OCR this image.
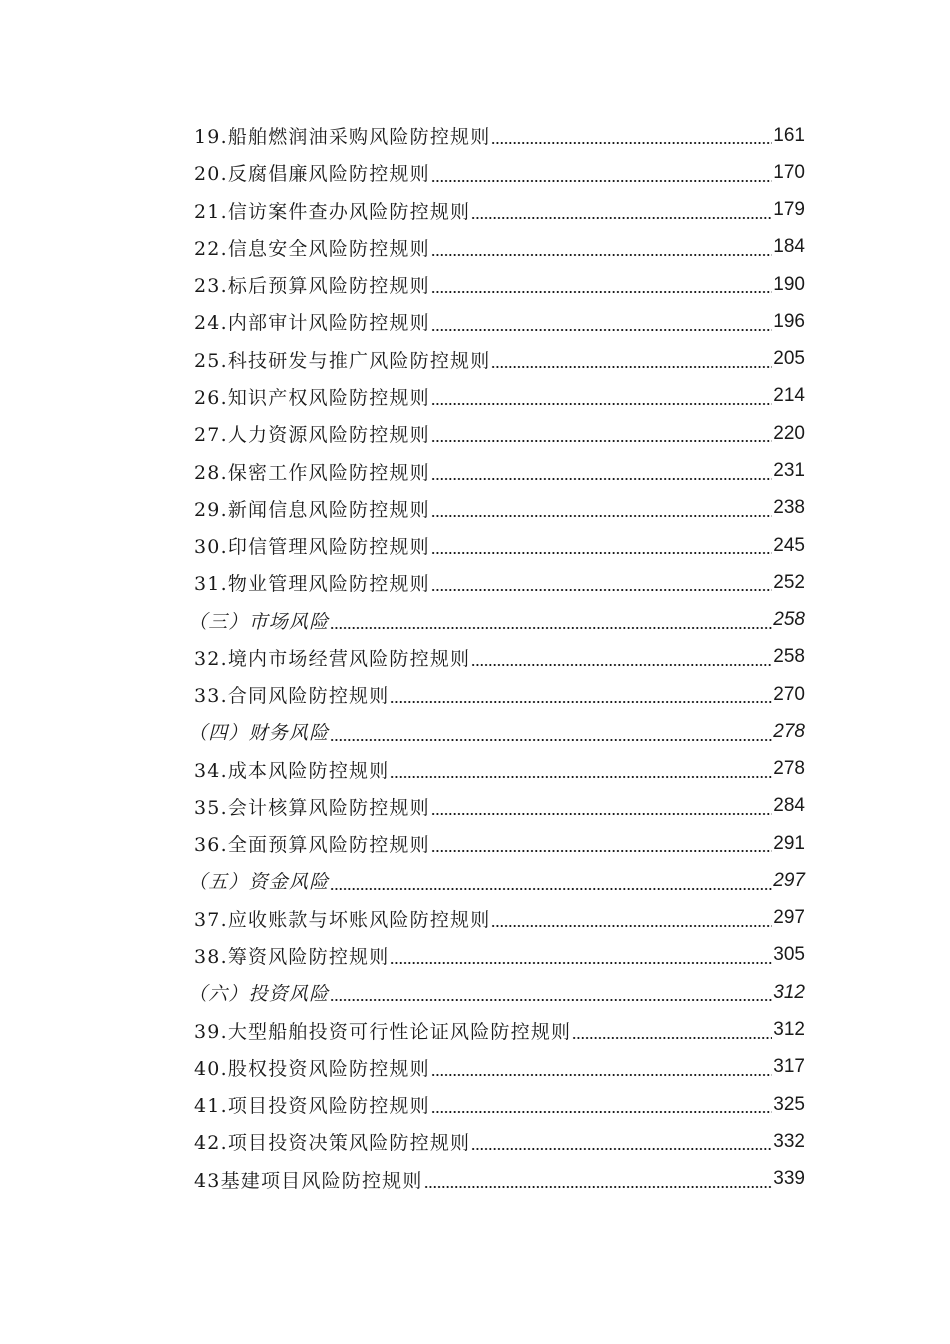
19.船舶燃润油采购风险防控规则	161
20.反腐倡廉风险防控规则	170
21.信访案件查办风险防控规则	179
22.信息安全风险防控规则	184
23.标后预算风险防控规则	190
24.内部审计风险防控规则	196
25.科技研发与推广风险防控规则	205
26.知识产权风险防控规则	214
27.人力资源风险防控规则	220
28.保密工作风险防控规则	231
29.新闻信息风险防控规则	238
30.印信管理风险防控规则	245
31.物业管理风险防控规则	252
（三）市场风险	258
32.境内市场经营风险防控规则	258
33.合同风险防控规则	270
（四）财务风险	278
34.成本风险防控规则	278
35.会计核算风险防控规则	284
36.全面预算风险防控规则	291
（五）资金风险	297
37.应收账款与坏账风险防控规则	297
38.筹资风险防控规则	305
（六）投资风险	312
39.大型船舶投资可行性论证风险防控规则	312
40.股权投资风险防控规则	317
41.项目投资风险防控规则	325
42.项目投资决策风险防控规则	332
43基建项目风险防控规则	339
